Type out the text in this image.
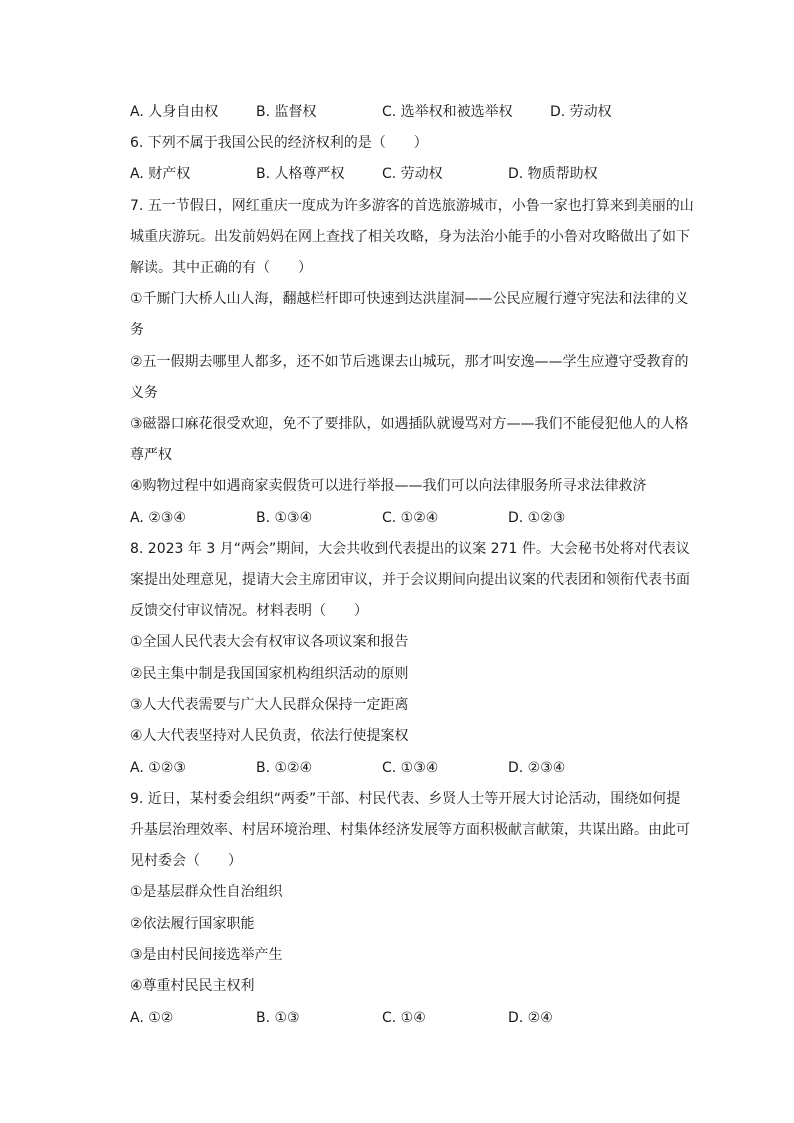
A. 人身自由权	B. 监督权	C. 选举权和被选举权	D. 劳动权
6. 下列不属于我国公民的经济权利的是（　　）
A. 财产权	B. 人格尊严权	C. 劳动权	D. 物质帮助权
7. 五一节假日，网红重庆一度成为许多游客的首选旅游城市，小鲁一家也打算来到美丽的山
城重庆游玩。出发前妈妈在网上查找了相关攻略，身为法治小能手的小鲁对攻略做出了如下
解读。其中正确的有（　　）
①千厮门大桥人山人海，翻越栏杆即可快速到达洪崖洞——公民应履行遵守宪法和法律的义
务
②五一假期去哪里人都多，还不如节后逃课去山城玩，那才叫安逸——学生应遵守受教育的
义务
③磁器口麻花很受欢迎，免不了要排队，如遇插队就谩骂对方——我们不能侵犯他人的人格
尊严权
④购物过程中如遇商家卖假货可以进行举报——我们可以向法律服务所寻求法律救济
A. ②③④	B. ①③④	C. ①②④	D. ①②③
8. 2023 年 3 月“两会”期间，大会共收到代表提出的议案 271 件。大会秘书处将对代表议
案提出处理意见，提请大会主席团审议，并于会议期间向提出议案的代表团和领衔代表书面
反馈交付审议情况。材料表明（　　）
①全国人民代表大会有权审议各项议案和报告
②民主集中制是我国国家机构组织活动的原则
③人大代表需要与广大人民群众保持一定距离
④人大代表坚持对人民负责，依法行使提案权
A. ①②③	B. ①②④	C. ①③④	D. ②③④
9. 近日，某村委会组织“两委”干部、村民代表、乡贤人士等开展大讨论活动，围绕如何提
升基层治理效率、村居环境治理、村集体经济发展等方面积极献言献策，共谋出路。由此可
见村委会（　　）
①是基层群众性自治组织
②依法履行国家职能
③是由村民间接选举产生
④尊重村民民主权利
A. ①②	B. ①③	C. ①④	D. ②④
